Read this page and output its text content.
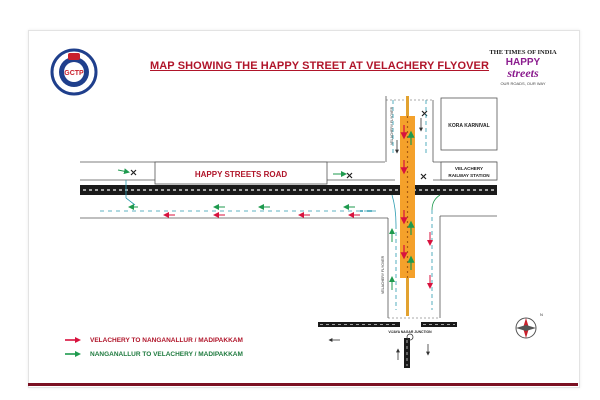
GCTP
MAP SHOWING THE HAPPY STREET AT VELACHERY FLYOVER
THE TIMES OF INDIA
HAPPY
streets
OUR ROADS, OUR WAY
HAPPY STREETS ROAD
VELACHERY FLYOVER
VELACHERY FLYOVER
KORA KARNIVAL
VELACHERY
RAILWAY STATION
VIJAYA NAGAR JUNCTION
N
VELACHERY TO NANGANALLUR / MADIPAKKAM
NANGANALLUR TO VELACHERY / MADIPAKKAM
